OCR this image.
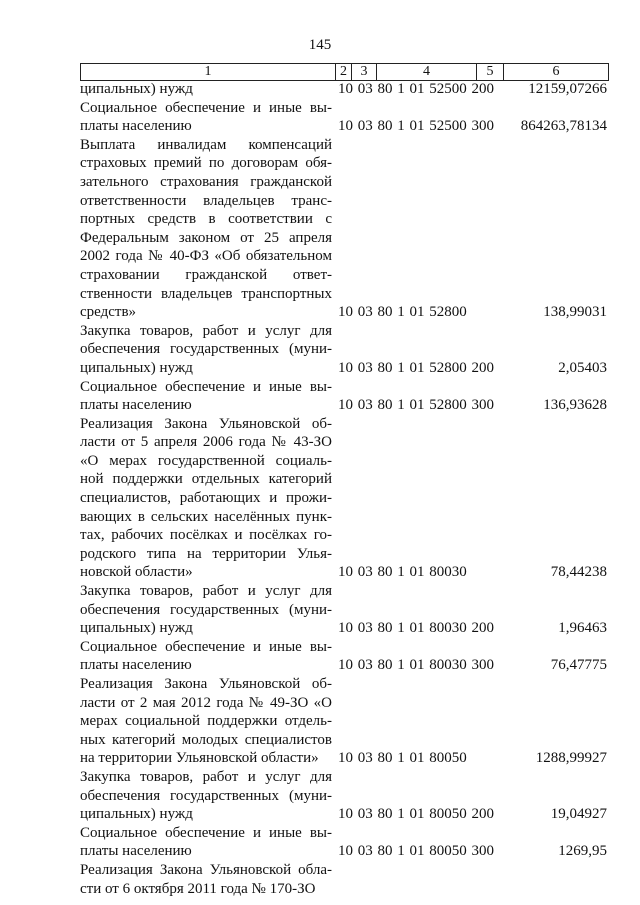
145
1	2 3	4	5	6
ципальных) нужд	10 03 80 1 01 52500 200	12159,07266
Социальное обеспечение и иные вы-
платы населению	10 03 80 1 01 52500 300	864263,78134
Выплата инвалидам компенсаций
страховых премий по договорам обя-
зательного страхования гражданской
ответственности владельцев транс-
портных средств в соответствии с
Федеральным законом от 25 апреля
2002 года № 40-ФЗ «Об обязательном
страховании гражданской ответ-
ственности владельцев транспортных
средств»	10 03 80 1 01 52800	138,99031
Закупка товаров, работ и услуг для
обеспечения государственных (муни-
ципальных) нужд	10 03 80 1 01 52800 200	2,05403
Социальное обеспечение и иные вы-
платы населению	10 03 80 1 01 52800 300	136,93628
Реализация Закона Ульяновской об-
ласти от 5 апреля 2006 года № 43-ЗО
«О мерах государственной социаль-
ной поддержки отдельных категорий
специалистов, работающих и прожи-
вающих в сельских населённых пунк-
тах, рабочих посёлках и посёлках го-
родского типа на территории Улья-
новской области»	10 03 80 1 01 80030	78,44238
Закупка товаров, работ и услуг для
обеспечения государственных (муни-
ципальных) нужд	10 03 80 1 01 80030 200	1,96463
Социальное обеспечение и иные вы-
платы населению	10 03 80 1 01 80030 300	76,47775
Реализация Закона Ульяновской об-
ласти от 2 мая 2012 года № 49-ЗО «О
мерах социальной поддержки отдель-
ных категорий молодых специалистов
на территории Ульяновской области»	10 03 80 1 01 80050	1288,99927
Закупка товаров, работ и услуг для
обеспечения государственных (муни-
ципальных) нужд	10 03 80 1 01 80050 200	19,04927
Социальное обеспечение и иные вы-
платы населению	10 03 80 1 01 80050 300	1269,95
Реализация Закона Ульяновской обла-
сти от 6 октября 2011 года № 170-ЗО
